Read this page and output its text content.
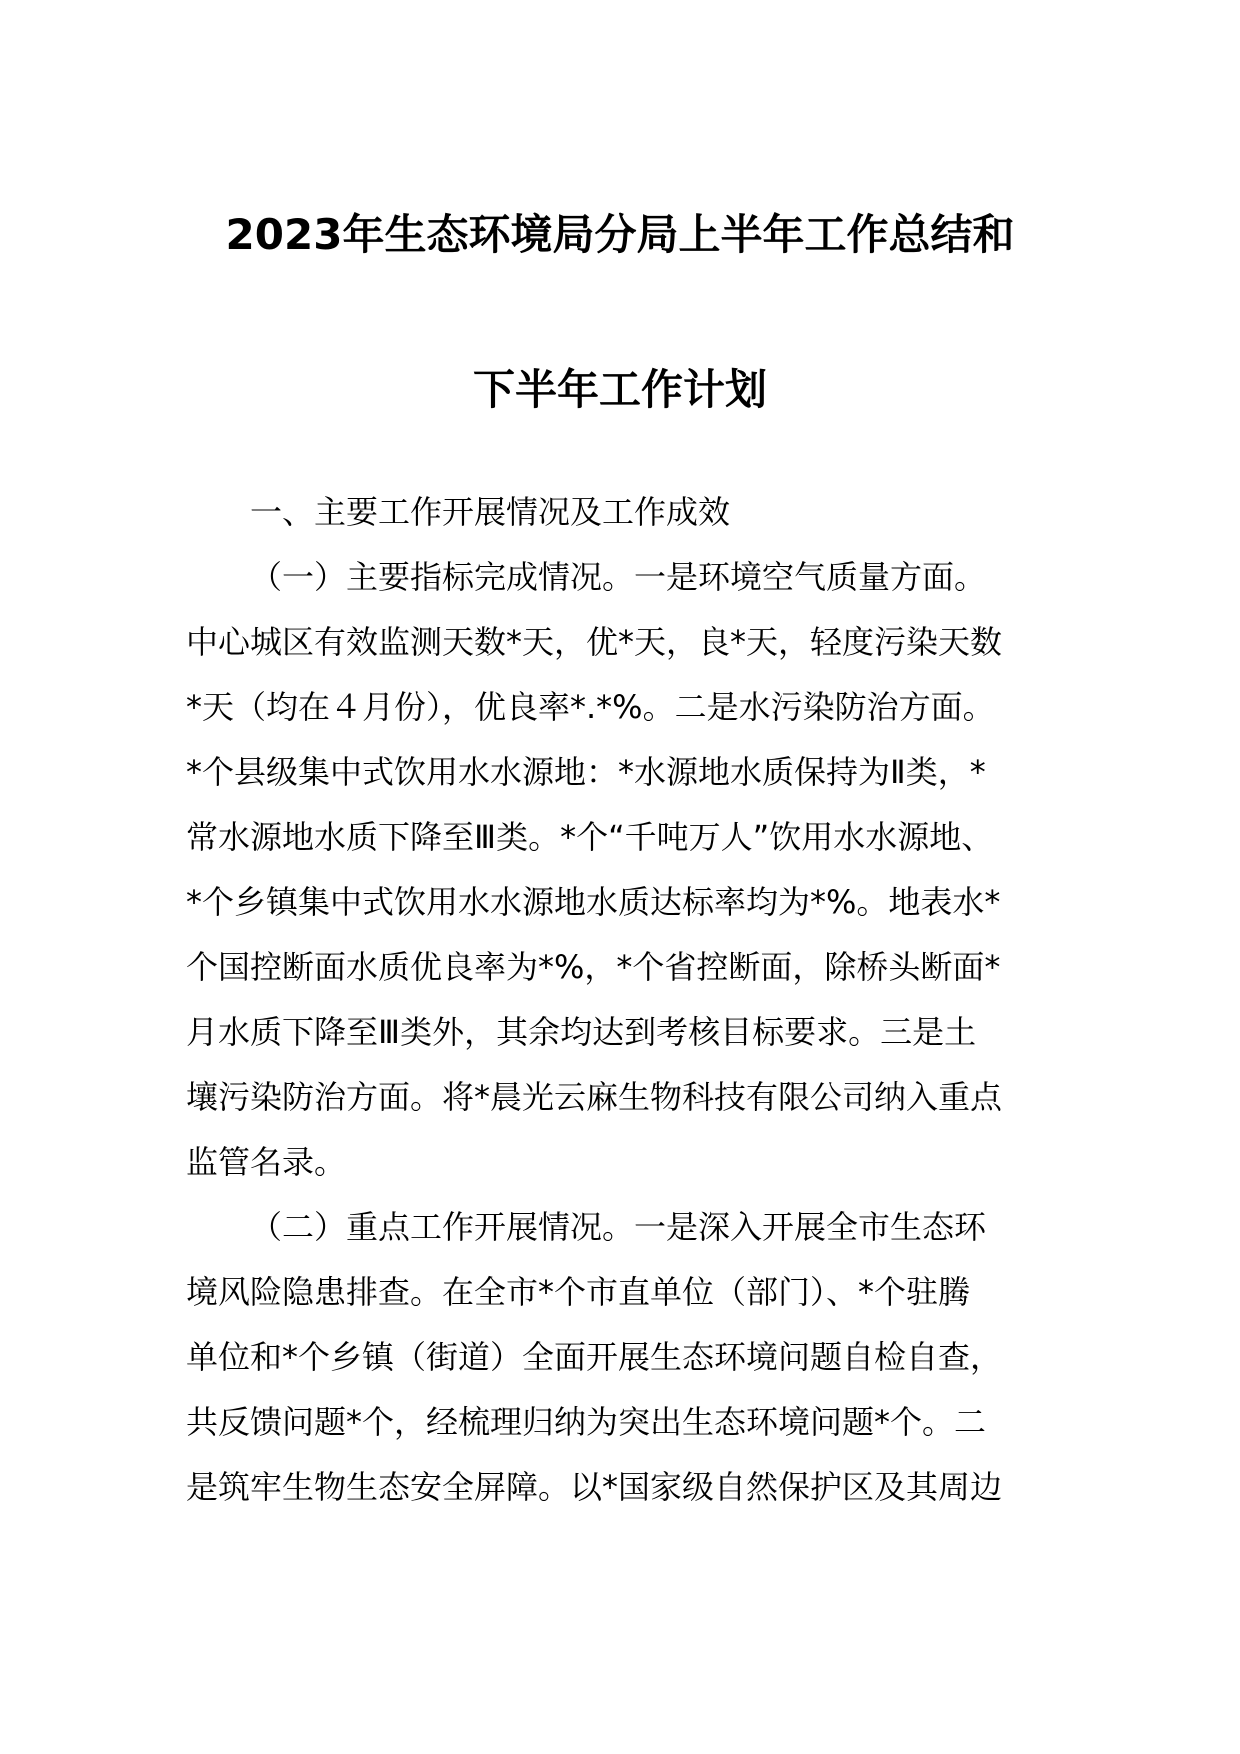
2023年生态环境局分局上半年工作总结和
下半年工作计划
一、主要工作开展情况及工作成效
（一）主要指标完成情况。一是环境空气质量方面。
中心城区有效监测天数*天，优*天，良*天，轻度污染天数
*天（均在４月份），优良率*.*%。二是水污染防治方面。
*个县级集中式饮用水水源地：*水源地水质保持为Ⅱ类，*
常水源地水质下降至Ⅲ类。*个“千吨万人”饮用水水源地、
*个乡镇集中式饮用水水源地水质达标率均为*%。地表水*
个国控断面水质优良率为*%，*个省控断面，除桥头断面*
月水质下降至Ⅲ类外，其余均达到考核目标要求。三是土
壤污染防治方面。将*晨光云麻生物科技有限公司纳入重点
监管名录。
（二）重点工作开展情况。一是深入开展全市生态环
境风险隐患排查。在全市*个市直单位（部门）、*个驻腾
单位和*个乡镇（街道）全面开展生态环境问题自检自查，
共反馈问题*个，经梳理归纳为突出生态环境问题*个。二
是筑牢生物生态安全屏障。以*国家级自然保护区及其周边
